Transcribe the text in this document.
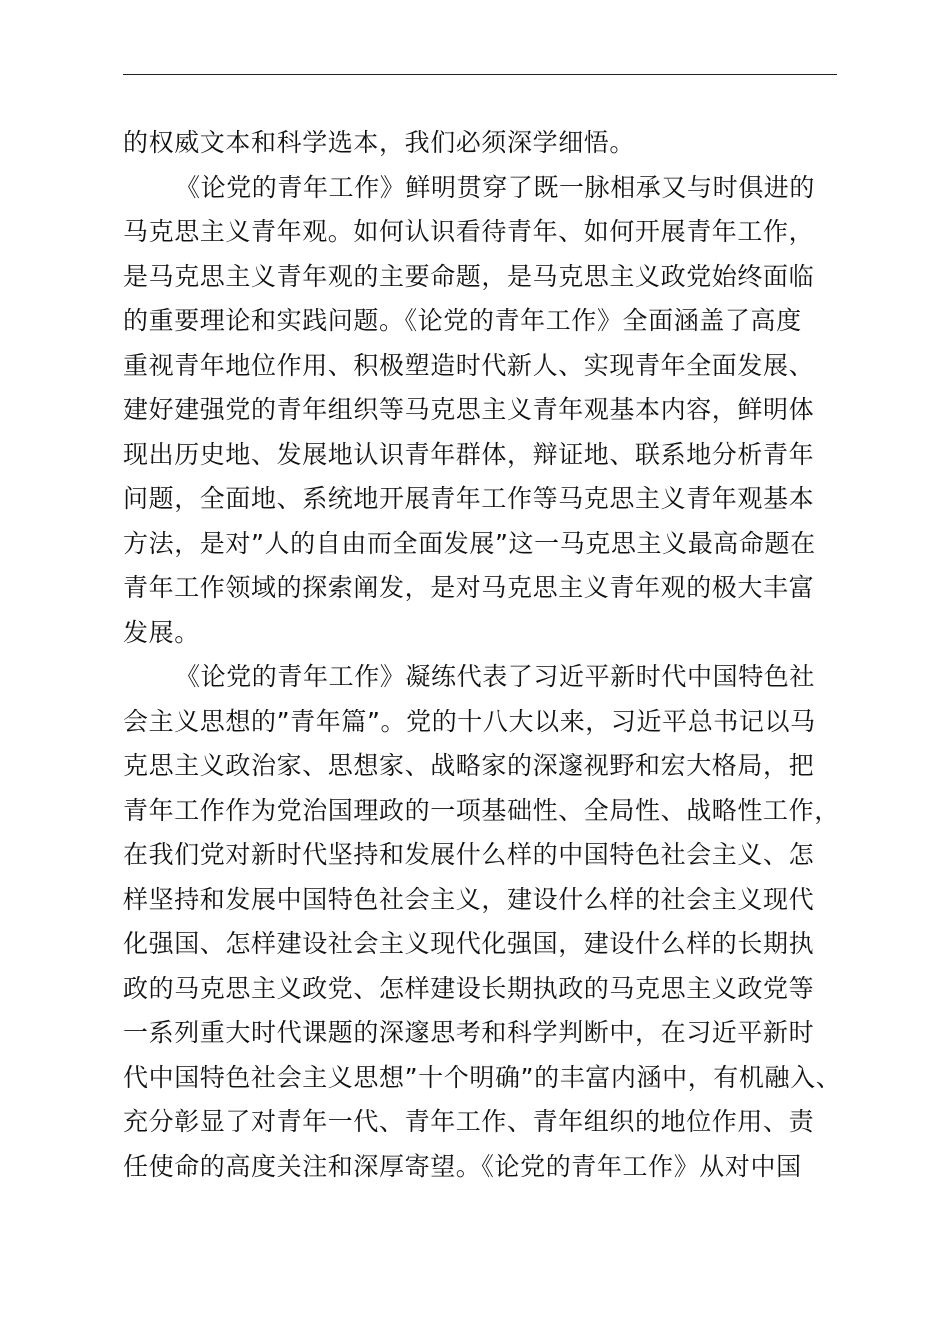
的权威文本和科学选本，我们必须深学细悟。
《论党的青年工作》鲜明贯穿了既一脉相承又与时俱进的
马克思主义青年观。如何认识看待青年、如何开展青年工作，
是马克思主义青年观的主要命题，是马克思主义政党始终面临
的重要理论和实践问题。《论党的青年工作》全面涵盖了高度
重视青年地位作用、积极塑造时代新人、实现青年全面发展、
建好建强党的青年组织等马克思主义青年观基本内容，鲜明体
现出历史地、发展地认识青年群体，辩证地、联系地分析青年
问题，全面地、系统地开展青年工作等马克思主义青年观基本
方法，是对”人的自由而全面发展”这一马克思主义最高命题在
青年工作领域的探索阐发，是对马克思主义青年观的极大丰富
发展。
《论党的青年工作》凝练代表了习近平新时代中国特色社
会主义思想的”青年篇”。党的十八大以来，习近平总书记以马
克思主义政治家、思想家、战略家的深邃视野和宏大格局，把
青年工作作为党治国理政的一项基础性、全局性、战略性工作，
在我们党对新时代坚持和发展什么样的中国特色社会主义、怎
样坚持和发展中国特色社会主义，建设什么样的社会主义现代
化强国、怎样建设社会主义现代化强国，建设什么样的长期执
政的马克思主义政党、怎样建设长期执政的马克思主义政党等
一系列重大时代课题的深邃思考和科学判断中，在习近平新时
代中国特色社会主义思想”十个明确”的丰富内涵中，有机融入、
充分彰显了对青年一代、青年工作、青年组织的地位作用、责
任使命的高度关注和深厚寄望。《论党的青年工作》从对中国
